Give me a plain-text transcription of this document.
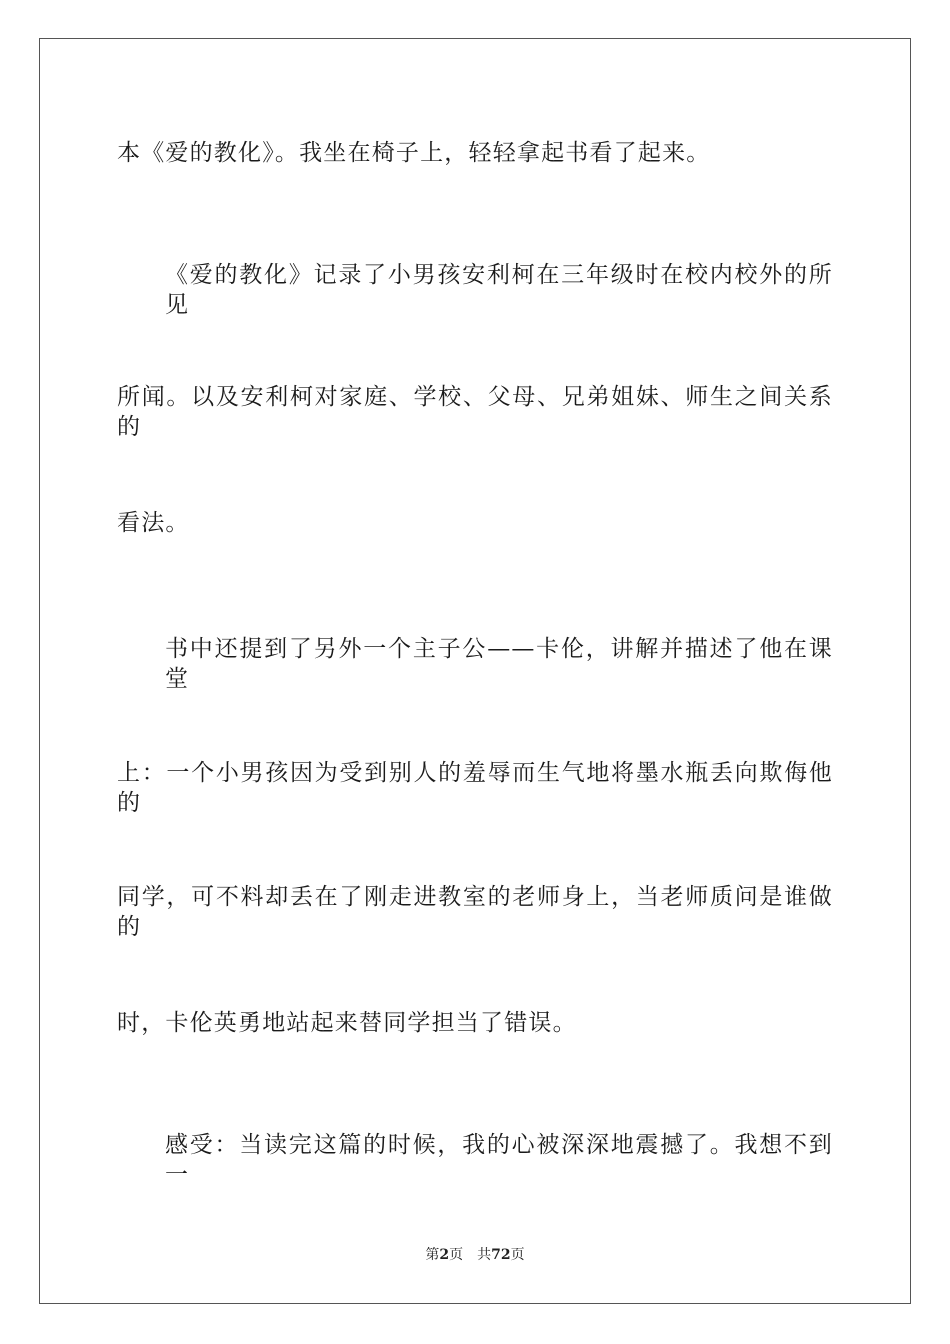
本《爱的教化》。我坐在椅子上，轻轻拿起书看了起来。
《爱的教化》记录了小男孩安利柯在三年级时在校内校外的所见
所闻。以及安利柯对家庭、学校、父母、兄弟姐妹、师生之间关系的
看法。
书中还提到了另外一个主子公——卡伦，讲解并描述了他在课堂
上：一个小男孩因为受到别人的羞辱而生气地将墨水瓶丢向欺侮他的
同学，可不料却丢在了刚走进教室的老师身上，当老师质问是谁做的
时，卡伦英勇地站起来替同学担当了错误。
感受：当读完这篇的时候，我的心被深深地震撼了。我想不到一
第2页 共72页
